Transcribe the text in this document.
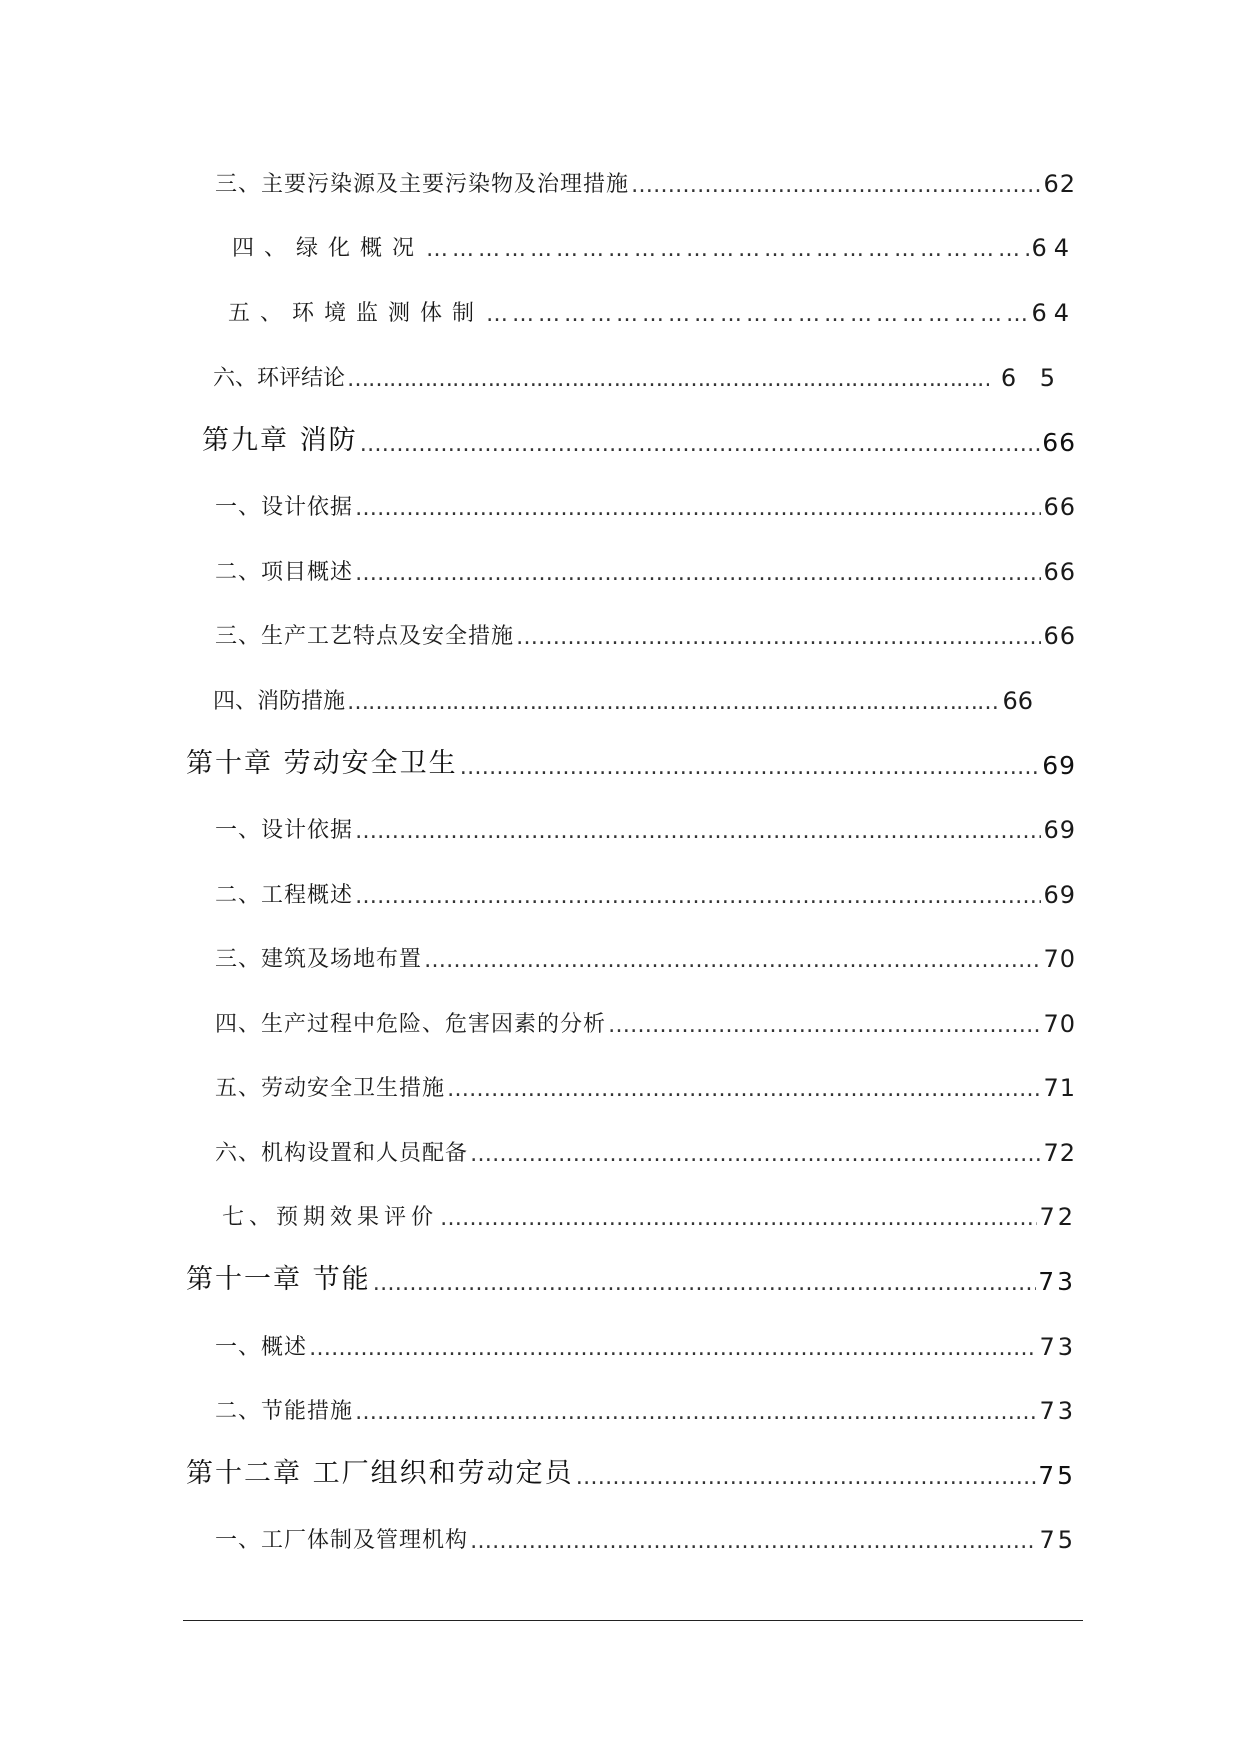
三、主要污染源及主要污染物及治理措施 ……………………………………………………………………………………………………………………………………………………………………………………………………	62
四、绿化概况 ……………………………………………………………………………………………………………………………………………………………………………………………………	64
五、环境监测体制 ……………………………………………………………………………………………………………………………………………………………………………………………………	64
六、环评结论 ……………………………………………………………………………………………………………………………………………………………………………………………………	6 5
第九章 消防 ……………………………………………………………………………………………………………………………………………………………………………………………………	66
一、设计依据 ……………………………………………………………………………………………………………………………………………………………………………………………………	66
二、项目概述 ……………………………………………………………………………………………………………………………………………………………………………………………………	66
三、生产工艺特点及安全措施 ……………………………………………………………………………………………………………………………………………………………………………………………………	66
四、消防措施 ……………………………………………………………………………………………………………………………………………………………………………………………………	66
第十章 劳动安全卫生 ……………………………………………………………………………………………………………………………………………………………………………………………………	69
一、设计依据 ……………………………………………………………………………………………………………………………………………………………………………………………………	69
二、工程概述 ……………………………………………………………………………………………………………………………………………………………………………………………………	69
三、建筑及场地布置 ……………………………………………………………………………………………………………………………………………………………………………………………………	70
四、生产过程中危险、危害因素的分析 ……………………………………………………………………………………………………………………………………………………………………………………………………	70
五、劳动安全卫生措施 ……………………………………………………………………………………………………………………………………………………………………………………………………	71
六、机构设置和人员配备 ……………………………………………………………………………………………………………………………………………………………………………………………………	72
七、预期效果评价 ……………………………………………………………………………………………………………………………………………………………………………………………………	72
第十一章 节能 ……………………………………………………………………………………………………………………………………………………………………………………………………	73
一、概述 ……………………………………………………………………………………………………………………………………………………………………………………………………	73
二、节能措施 ……………………………………………………………………………………………………………………………………………………………………………………………………	73
第十二章 工厂组织和劳动定员 ……………………………………………………………………………………………………………………………………………………………………………………………………	75
一、工厂体制及管理机构 ……………………………………………………………………………………………………………………………………………………………………………………………………	75
